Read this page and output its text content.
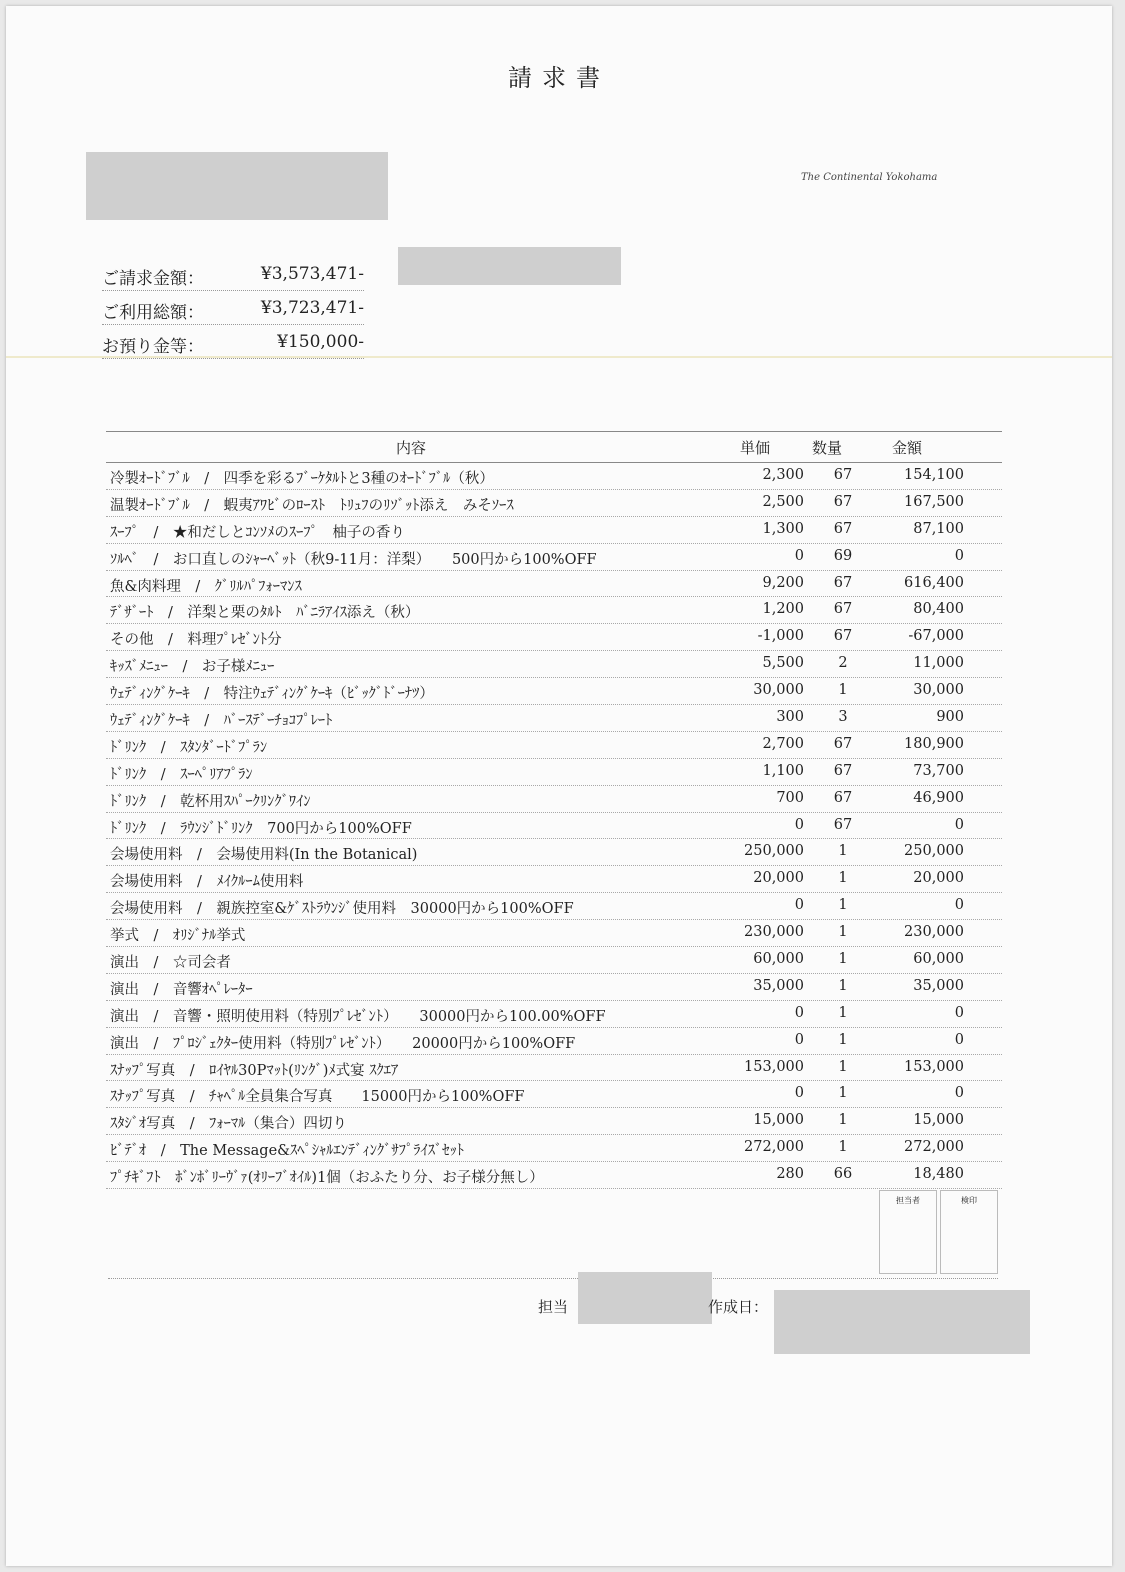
請求書
The Continental Yokohama
ご請求金額：	¥3,573,471-
ご利用総額：	¥3,723,471-
お預り金等：	¥150,000-
内容	単価	数量	金額
冷製ｵｰﾄﾞﾌﾞﾙ　/　四季を彩るﾌﾞｰｹﾀﾙﾄと3種のｵｰﾄﾞﾌﾞﾙ（秋）	2,300	67	154,100
温製ｵｰﾄﾞﾌﾞﾙ　/　蝦夷ｱﾜﾋﾞのﾛｰｽﾄ　ﾄﾘｭﾌのﾘｿﾞｯﾄ添え　みそｿｰｽ	2,500	67	167,500
ｽｰﾌﾟ　/　★和だしとｺﾝｿﾒのｽｰﾌﾟ　柚子の香り	1,300	67	87,100
ｿﾙﾍﾞ　/　お口直しのｼｬｰﾍﾞｯﾄ（秋9-11月：洋梨）　　500円から100%OFF	0	69	0
魚&肉料理　/　ｸﾞﾘﾙﾊﾟﾌｫｰﾏﾝｽ	9,200	67	616,400
ﾃﾞｻﾞｰﾄ　/　洋梨と栗のﾀﾙﾄ　ﾊﾞﾆﾗｱｲｽ添え（秋）	1,200	67	80,400
その他　/　料理ﾌﾟﾚｾﾞﾝﾄ分	-1,000	67	-67,000
ｷｯｽﾞﾒﾆｭｰ　/　お子様ﾒﾆｭｰ	5,500	2	11,000
ｳｪﾃﾞｨﾝｸﾞｹｰｷ　/　特注ｳｪﾃﾞｨﾝｸﾞｹｰｷ（ﾋﾞｯｸﾞﾄﾞｰﾅﾂ）	30,000	1	30,000
ｳｪﾃﾞｨﾝｸﾞｹｰｷ　/　ﾊﾞｰｽﾃﾞｰﾁｮｺﾌﾟﾚｰﾄ	300	3	900
ﾄﾞﾘﾝｸ　/　ｽﾀﾝﾀﾞｰﾄﾞﾌﾟﾗﾝ	2,700	67	180,900
ﾄﾞﾘﾝｸ　/　ｽｰﾍﾟﾘｱﾌﾟﾗﾝ	1,100	67	73,700
ﾄﾞﾘﾝｸ　/　乾杯用ｽﾊﾟｰｸﾘﾝｸﾞﾜｲﾝ	700	67	46,900
ﾄﾞﾘﾝｸ　/　ﾗｳﾝｼﾞﾄﾞﾘﾝｸ　700円から100%OFF	0	67	0
会場使用料　/　会場使用料(In the Botanical)	250,000	1	250,000
会場使用料　/　ﾒｲｸﾙｰﾑ使用料	20,000	1	20,000
会場使用料　/　親族控室&ｹﾞｽﾄﾗｳﾝｼﾞ使用料　30000円から100%OFF	0	1	0
挙式　/　ｵﾘｼﾞﾅﾙ挙式	230,000	1	230,000
演出　/　☆司会者	60,000	1	60,000
演出　/　音響ｵﾍﾟﾚｰﾀｰ	35,000	1	35,000
演出　/　音響・照明使用料（特別ﾌﾟﾚｾﾞﾝﾄ）　　30000円から100.00%OFF	0	1	0
演出　/　ﾌﾟﾛｼﾞｪｸﾀｰ使用料（特別ﾌﾟﾚｾﾞﾝﾄ）　　20000円から100%OFF	0	1	0
ｽﾅｯﾌﾟ写真　/　ﾛｲﾔﾙ30Pﾏｯﾄ(ﾘﾝｸﾞ)ﾒ式宴 ｽｸｴｱ	153,000	1	153,000
ｽﾅｯﾌﾟ写真　/　ﾁｬﾍﾟﾙ全員集合写真　　15000円から100%OFF	0	1	0
ｽﾀｼﾞｵ写真　/　ﾌｫｰﾏﾙ（集合）四切り	15,000	1	15,000
ﾋﾞﾃﾞｵ　/　The Message&ｽﾍﾟｼｬﾙｴﾝﾃﾞｨﾝｸﾞｻﾌﾟﾗｲｽﾞｾｯﾄ	272,000	1	272,000
ﾌﾟﾁｷﾞﾌﾄ　ﾎﾞﾝﾎﾞﾘｰｳﾞｧ(ｵﾘｰﾌﾞｵｲﾙ)1個（おふたり分、お子様分無し）	280	66	18,480
担当者	検印
担当	作成日：
